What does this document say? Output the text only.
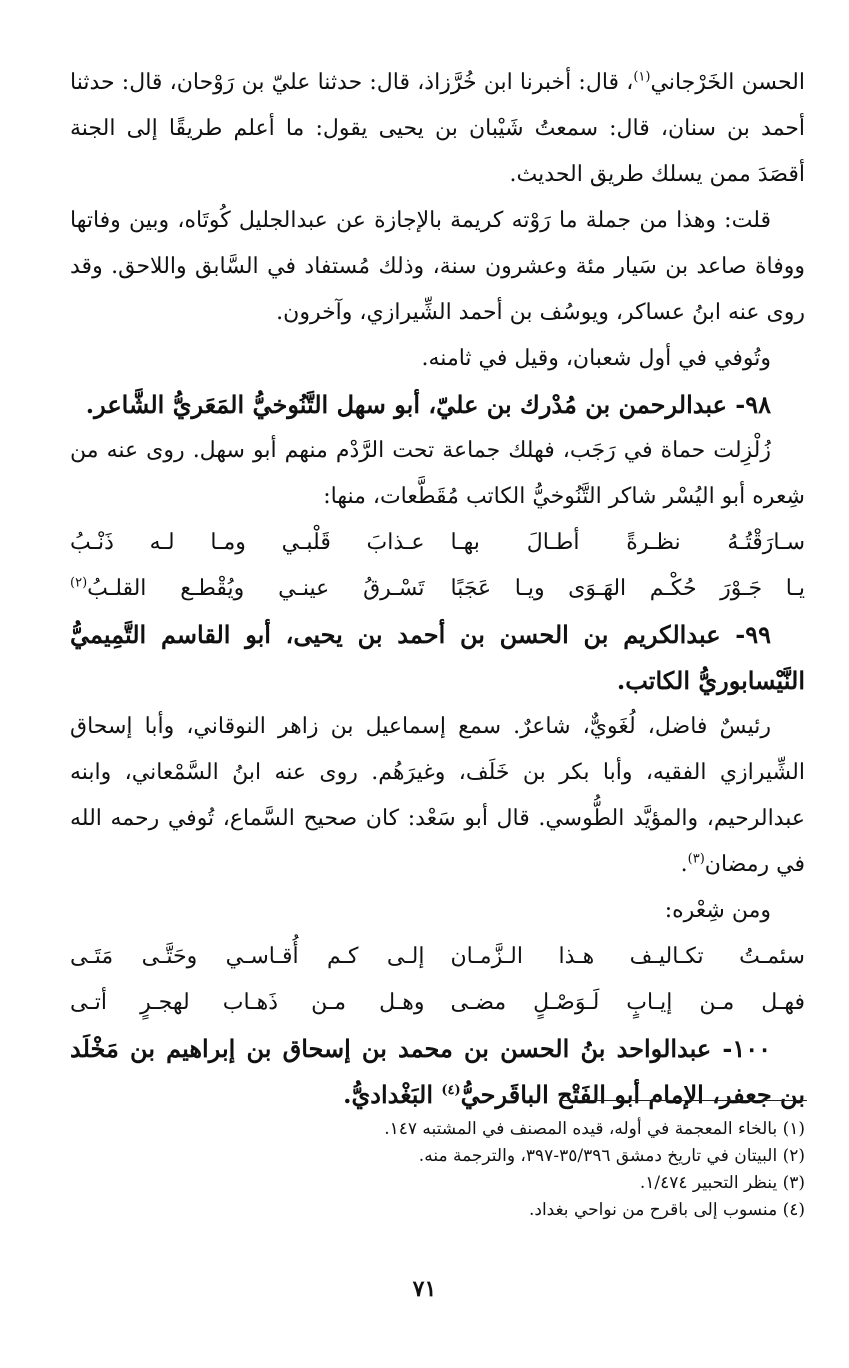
الحسن الخَرْجاني$^{(١)}$، قال: أخبرنا ابن خُرَّزاذ، قال: حدثنا عليّ بن رَوْحان، قال: حدثنا أحمد بن سنان، قال: سمعتُ شَيْبان بن يحيى يقول: ما أعلم طريقًا إلى الجنة أقصَدَ ممن يسلك طريق الحديث.

قلت: وهذا من جملة ما رَوْته كريمة بالإجازة عن عبدالجليل كُوتَاه، وبين وفاتها ووفاة صاعد بن سَيار مئة وعشرون سنة، وذلك مُستفاد في السَّابق واللاحق. وقد روى عنه ابنُ عساكر، ويوسُف بن أحمد الشِّيرازي، وآخرون.

وتُوفي في أول شعبان، وقيل في ثامنه.

٩٨- عبدالرحمن بن مُدْرك بن عليّ، أبو سهل التَّنُوخيُّ المَعَريُّ الشَّاعر.

زُلْزِلت حماة في رَجَب، فهلك جماعة تحت الرَّدْم منهم أبو سهل. روى عنه من شِعره أبو اليُسْر شاكر التَّنُوخيُّ الكاتب مُقَطَّعات، منها:

سـارَقْتُـهُ نظـرةً أطـالَ بهـا
عـذابَ قَلْبـي ومـا لـه ذَنْـبُ
يـا جَـوْرَ حُكْـم الهَـوَى ويـا عَجَبًا
تَسْـرقُ عينـي ويُقْطـع القلـبُ$^{(٢)}$

٩٩- عبدالكريم بن الحسن بن أحمد بن يحيى، أبو القاسم التَّمِيميُّ النَّيْسابوريُّ الكاتب.

رئيسٌ فاضل، لُغَويٌّ، شاعرٌ. سمع إسماعيل بن زاهر النوقاني، وأبا إسحاق الشِّيرازي الفقيه، وأبا بكر بن خَلَف، وغيرَهُم. روى عنه ابنُ السَّمْعاني، وابنه عبدالرحيم، والمؤيَّد الطُّوسي. قال أبو سَعْد: كان صحيح السَّماع، تُوفي رحمه الله في رمضان$^{(٣)}$.

ومن شِعْره:

سئمـتُ تكـاليـف هـذا الـزَّمـان
إلـى كـم أُقـاسـي وحَتَّـى مَتَـى
فهـل مـن إيـابٍ لَـوَصْـلٍ مضـى
وهـل مـن ذَهـاب لهجـرٍ أتـى

١٠٠- عبدالواحد بنُ الحسن بن محمد بن إسحاق بن إبراهيم بن مَخْلَد بن جعفر، الإمام أبو الفَتْح الباقَرحيُّ$^{(٤)}$ البَغْداديُّ.

(١) بالخاء المعجمة في أوله، قيده المصنف في المشتبه ١٤٧.

(٢) البيتان في تاريخ دمشق ٣٥/٣٩٦-٣٩٧، والترجمة منه.

(٣) ينظر التحبير ١/٤٧٤.

(٤) منسوب إلى باقرح من نواحي بغداد.

٧١
